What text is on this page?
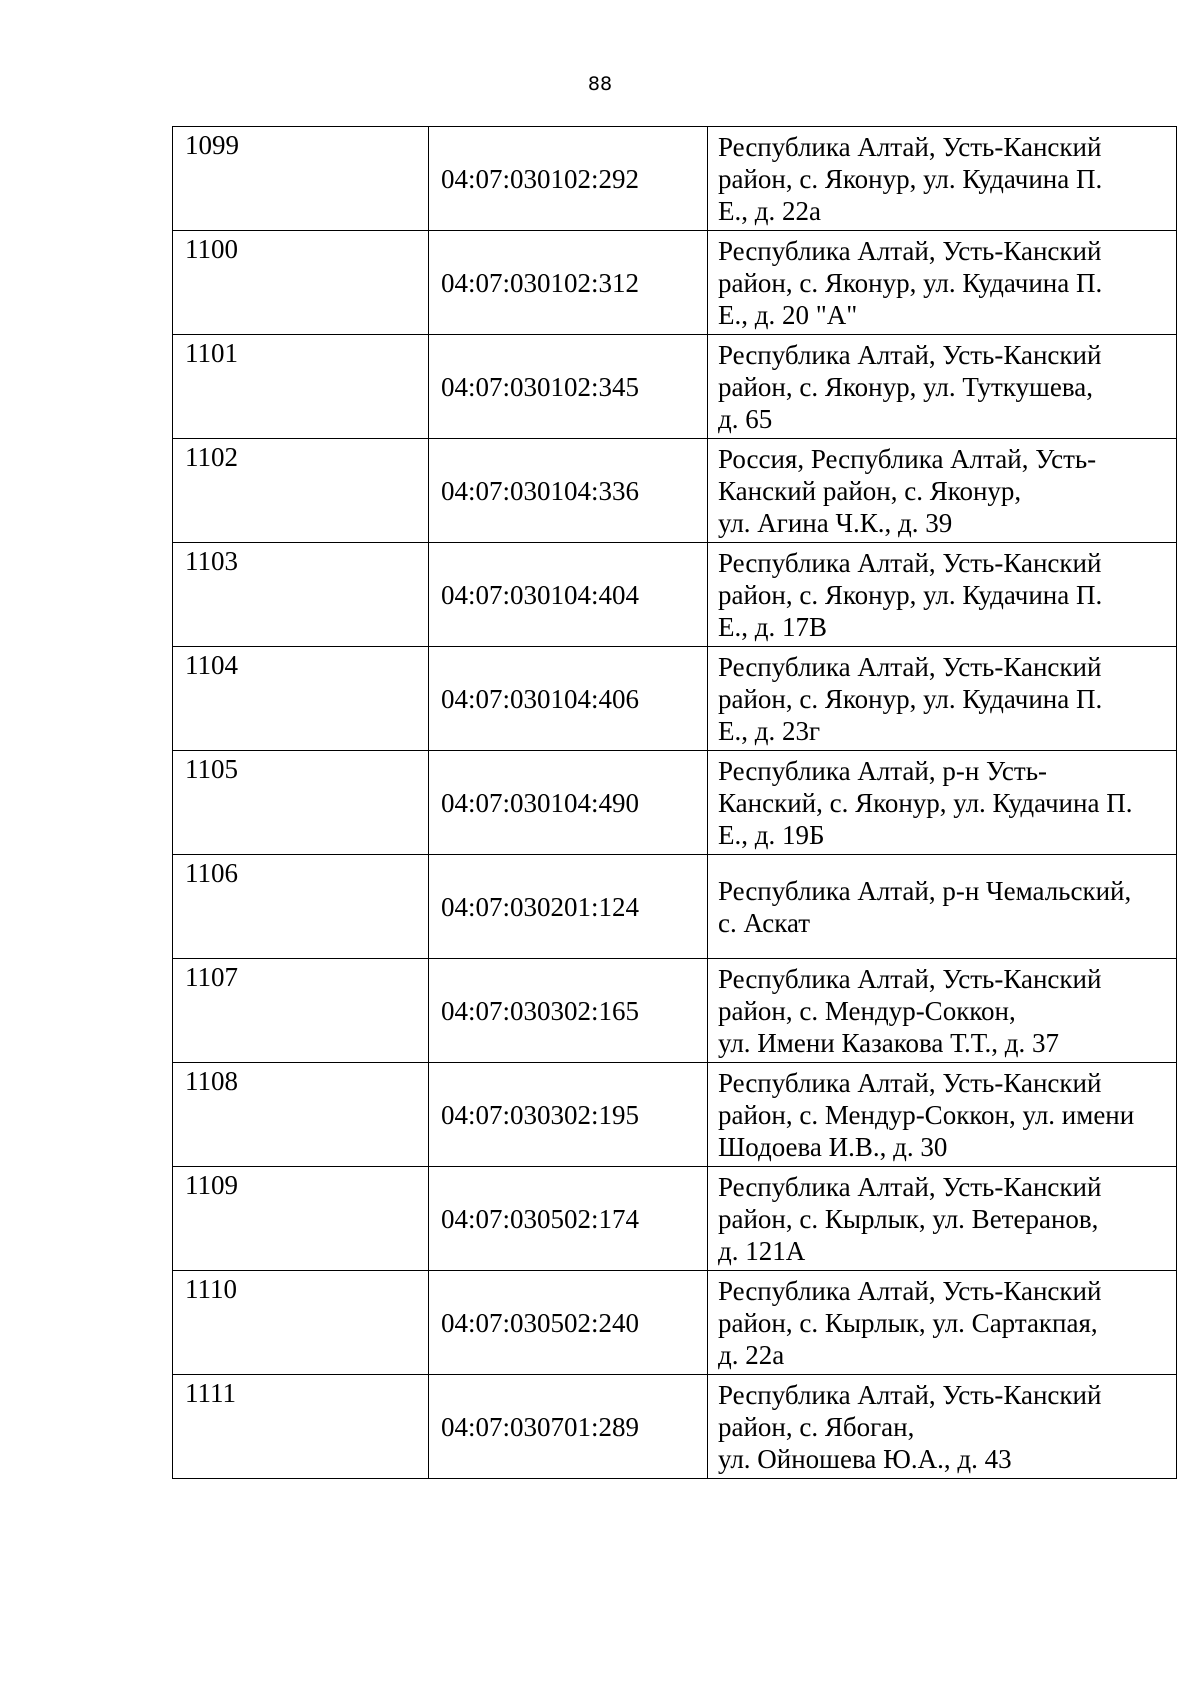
88
1099	04:07:030102:292	Республика Алтай, Усть-Канский
район, с. Яконур, ул. Кудачина П.
Е., д. 22а

1100	04:07:030102:312	Республика Алтай, Усть-Канский
район, с. Яконур, ул. Кудачина П.
Е., д. 20 "А"

1101	04:07:030102:345	Республика Алтай, Усть-Канский
район, с. Яконур, ул. Туткушева,
д. 65

1102	04:07:030104:336	Россия, Республика Алтай, Усть-
Канский район, с. Яконур,
ул. Агина Ч.К., д. 39

1103	04:07:030104:404	Республика Алтай, Усть-Канский
район, с. Яконур, ул. Кудачина П.
Е., д. 17В

1104	04:07:030104:406	Республика Алтай, Усть-Канский
район, с. Яконур, ул. Кудачина П.
Е., д. 23г

1105	04:07:030104:490	Республика Алтай, р-н Усть-
Канский, с. Яконур, ул. Кудачина П.
Е., д. 19Б

1106	04:07:030201:124	Республика Алтай, р-н Чемальский,
с. Аскат

1107	04:07:030302:165	Республика Алтай, Усть-Канский
район, с. Мендур-Соккон,
ул. Имени Казакова Т.Т., д. 37

1108	04:07:030302:195	Республика Алтай, Усть-Канский
район, с. Мендур-Соккон, ул. имени
Шодоева И.В., д. 30

1109	04:07:030502:174	Республика Алтай, Усть-Канский
район, с. Кырлык, ул. Ветеранов,
д. 121А

1110	04:07:030502:240	Республика Алтай, Усть-Канский
район, с. Кырлык, ул. Сартакпая,
д. 22а

1111	04:07:030701:289	Республика Алтай, Усть-Канский
район, с. Ябоган,
ул. Ойношева Ю.А., д. 43
